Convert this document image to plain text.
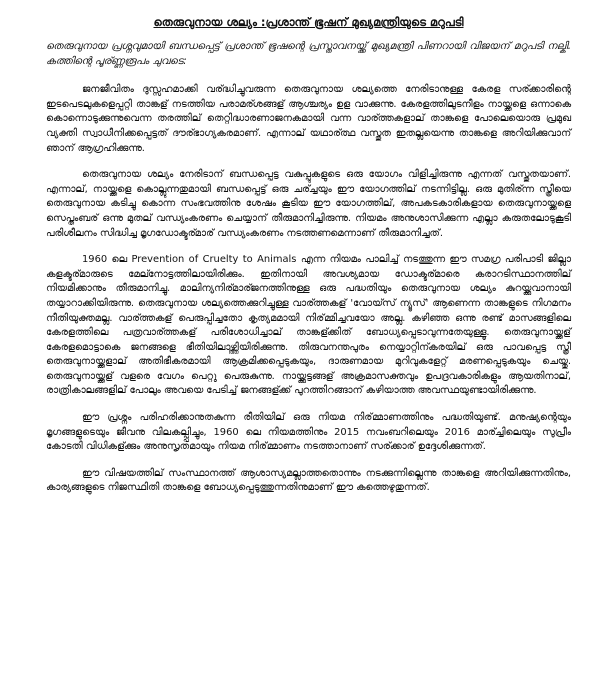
തെരുവുനായ ശല്യം :പ്രശാന്ത് ഭൂഷന് മുഖ്യമന്ത്രിയുടെ മറുപടി

തെരുവുനായ പ്രശ്നവുമായി ബന്ധപ്പെട്ട് പ്രശാന്ത് ഭൂഷന്റെ പ്രസ്താവനയ്ക്ക് മുഖ്യമന്ത്രി പിണറായി വിജയന് മറുപടി നല്കി. കത്തിന്റെ പൂര്ണ്ണരൂപം ചുവടെ:

ജനജീവിതം ദുസ്സഹമാക്കി വര്ദ്ധിച്ചുവരുന്ന തെരുവുനായ ശല്യത്തെ നേരിടാനുള്ള കേരള സര്ക്കാരിന്റെ ഇടപെടലുകളെപ്പറ്റി താങ്കള് നടത്തിയ പരാമര്ശങ്ങള് ആശ്ചര്യം ഉള വാക്കുന്നു. കേരളത്തിലുടനീളം നായ്ക്കളെ ഒന്നാകെ കൊന്നൊടുക്കുന്നുവെന്ന തരത്തില് തെറ്റിദ്ധാരണാജനകമായി വന്ന വാര്ത്തകളാല് താങ്കളെ പോലെയൊരു പ്രമുഖ വ്യക്തി സ്വാധീനിക്കപ്പെട്ടത് ദൗര്ഭാഗ്യകരമാണ്. എന്നാല് യഥാര്ത്ഥ വസ്തുത ഇതല്ലയെന്നു താങ്കളെ അറിയിക്കുവാന് ഞാന് ആഗ്രഹിക്കുന്നു.

തെരുവുനായ ശല്യം നേരിടാന് ബന്ധപ്പെട്ട വകുപ്പുകളുടെ ഒരു യോഗം വിളിച്ചിരുന്നു എന്നത് വസ്തുതയാണ്. എന്നാല്, നായ്ക്കളെ കൊല്ലുന്നതുമായി ബന്ധപ്പെട്ട് ഒരു ചര്ച്ചയും ഈ യോഗത്തില് നടന്നിട്ടില്ല. ഒരു മുതിര്ന്ന സ്ത്രീയെ തെരുവുനായ കടിച്ചു കൊന്ന സംഭവത്തിനു ശേഷം കൂടിയ ഈ യോഗത്തില്, അപകടകാരികളായ തെരുവുനായ്ക്കളെ സെപ്തംബര് ഒന്നു മുതല് വന്ധ്യംകരണം ചെയ്യാന് തീരുമാനിച്ചിരുന്നു. നിയമം അനുശാസിക്കുന്ന എല്ലാ കരുതലോടുകൂടി പരിശീലനം സിദ്ധിച്ച മൃഗഡോക്ടര്മാര് വന്ധ്യംകരണം നടത്തണമെന്നാണ് തീരുമാനിച്ചത്.

1960 ലെ Prevention of Cruelty to Animals എന്ന നിയമം പാലിച്ച് നടത്തുന്ന ഈ സമഗ്ര പരിപാടി ജില്ലാ കളക്ടര്മാരുടെ മേല്നോട്ടത്തിലായിരിക്കും. ഇതിനായി അവശ്യമായ ഡോക്ടര്മാരെ കരാറടിസ്ഥാനത്തില് നിയമിക്കാനും തീരുമാനിച്ചു. മാലിന്യനിര്മാര്ജനത്തിനുള്ള ഒരു പദ്ധതിയും തെരുവുനായ ശല്യം കുറയ്ക്കുവാനായി തയ്യാറാക്കിയിരുന്നു. തെരുവുനായ ശല്യത്തെക്കുറിച്ചുള്ള വാര്ത്തകള് 'വോയ്സ് ന്യൂസ്' ആണെന്ന താങ്കളുടെ നിഗമനം നീതിയുക്തമല്ല. വാര്ത്തകള് പെരുപ്പിച്ചതോ കൃത്യമമായി നിര്മ്മിച്ചവയോ അല്ല. കഴിഞ്ഞ ഒന്നു രണ്ട് മാസങ്ങളിലെ കേരളത്തിലെ പത്രവാര്ത്തകള് പരിശോധിച്ചാല് താങ്കള്ക്കിത് ബോധ്യപ്പെടാവുന്നതേയുള്ളൂ. തെരുവുനായ്ക്കള് കേരളമൊട്ടാകെ ജനങ്ങളെ ഭീതിയിലാഴ്ത്തിയിരിക്കുന്നു. തിരുവനന്തപുരം നെയ്യാറ്റിന്കരയില് ഒരു പാവപ്പെട്ട സ്ത്രീ തെരുവുനായ്ക്കളാല് അതിഭീകരമായി ആക്രമിക്കപ്പെടുകയും, ദാരുണമായ മുറിവുകളേറ്റ് മരണപ്പെടുകയും ചെയ്തു. തെരുവുനായ്ക്കള് വളരെ വേഗം പെറ്റു പെരുകുന്നു. നായ്ക്കുട്ടങ്ങള് അക്രമാസക്തവും ഉപദ്രവകാരികളും ആയതിനാല്, രാത്രികാലങ്ങളില് പോലും അവയെ പേടിച്ച് ജനങ്ങള്ക്ക് പുറത്തിറങ്ങാന് കഴിയാത്ത അവസ്ഥയുണ്ടായിരിക്കുന്നു.

ഈ പ്രശ്നം പരിഹരിക്കാനുതകുന്ന രീതിയില് ഒരു നിയമ നിര്മ്മാണത്തിനും പദ്ധതിയുണ്ട്. മനുഷ്യന്റെയും മൃഗങ്ങളുടെയും ജീവനു വിലകല്പ്പിച്ചും, 1960 ലെ നിയമത്തിനും 2015 നവംബറിലെയും 2016 മാര്ച്ചിലെയും സുപ്രീം കോടതി വിധികള്ക്കും അനുസൃതമായും നിയമ നിര്മ്മാണം നടത്താനാണ് സര്ക്കാര് ഉദ്ദേശിക്കുന്നത്.

ഈ വിഷയത്തില് സംസ്ഥാനത്ത് ആശാസ്യമല്ലാത്തതൊന്നും നടക്കുന്നില്ലെന്നു താങ്കളെ അറിയിക്കുന്നതിനും, കാര്യങ്ങളുടെ നിജസ്ഥിതി താങ്കളെ ബോധ്യപ്പെടുത്തുന്നതിനുമാണ് ഈ കത്തെഴുതുന്നത്.
